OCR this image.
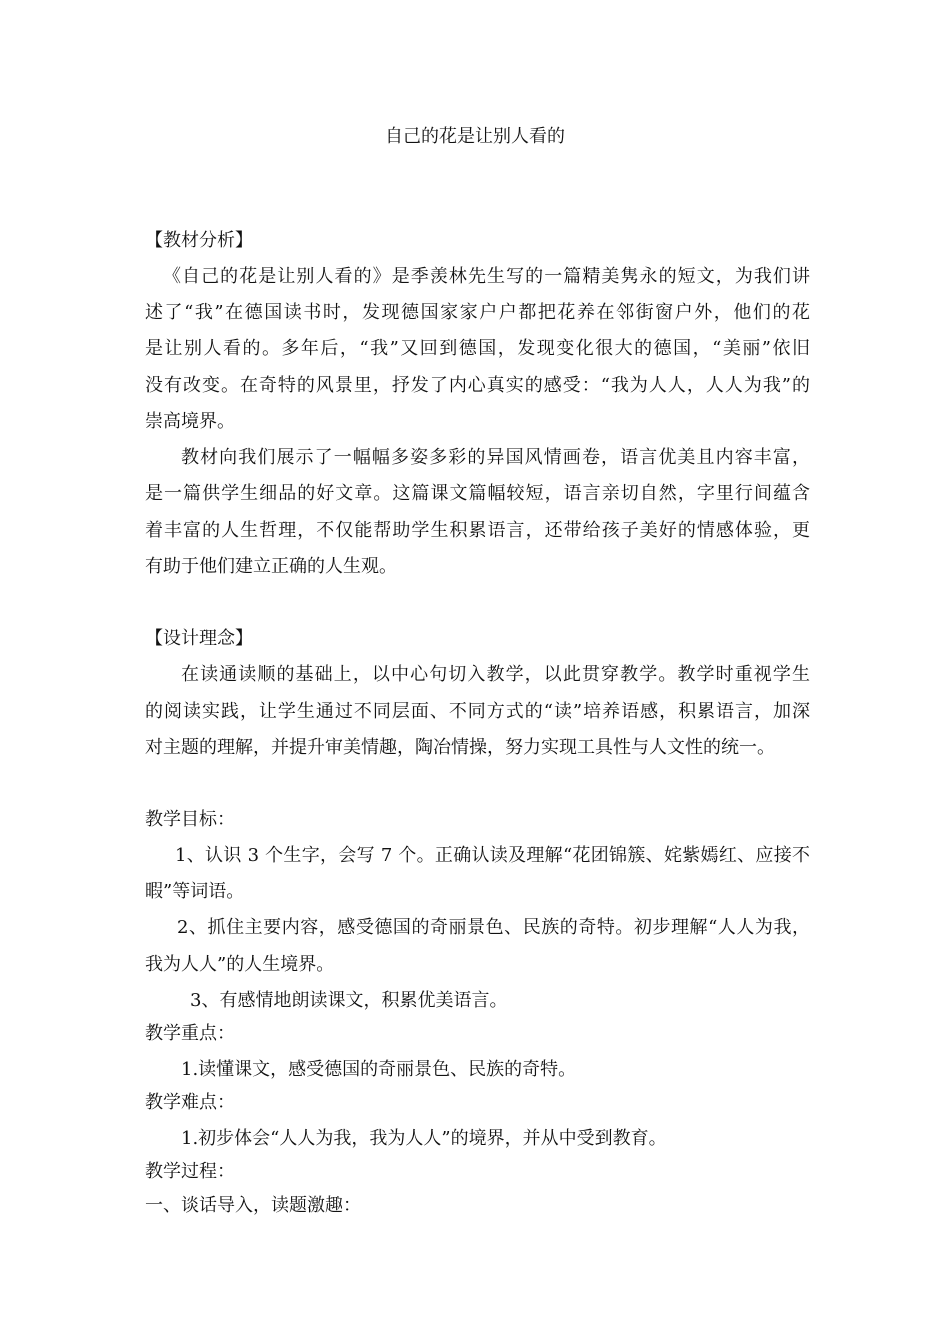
自己的花是让别人看的
【教材分析】
《自己的花是让别人看的》是季羡林先生写的一篇精美隽永的短文，为我们讲
述了“我”在德国读书时，发现德国家家户户都把花养在邻街窗户外，他们的花
是让别人看的。多年后，“我”又回到德国，发现变化很大的德国，“美丽”依旧
没有改变。在奇特的风景里，抒发了内心真实的感受：“我为人人，人人为我”的
崇高境界。
教材向我们展示了一幅幅多姿多彩的异国风情画卷，语言优美且内容丰富，
是一篇供学生细品的好文章。这篇课文篇幅较短，语言亲切自然，字里行间蕴含
着丰富的人生哲理，不仅能帮助学生积累语言，还带给孩子美好的情感体验，更
有助于他们建立正确的人生观。
【设计理念】
在读通读顺的基础上，以中心句切入教学，以此贯穿教学。教学时重视学生
的阅读实践，让学生通过不同层面、不同方式的“读”培养语感，积累语言，加深
对主题的理解，并提升审美情趣，陶冶情操，努力实现工具性与人文性的统一。
教学目标：
1、认识 3 个生字，会写 7 个。正确认读及理解“花团锦簇、姹紫嫣红、应接不
暇”等词语。
2、抓住主要内容，感受德国的奇丽景色、民族的奇特。初步理解“人人为我，
我为人人”的人生境界。
3、有感情地朗读课文，积累优美语言。
教学重点：
1.读懂课文，感受德国的奇丽景色、民族的奇特。
教学难点：
1.初步体会“人人为我，我为人人”的境界，并从中受到教育。
教学过程：
一、谈话导入，读题激趣：
